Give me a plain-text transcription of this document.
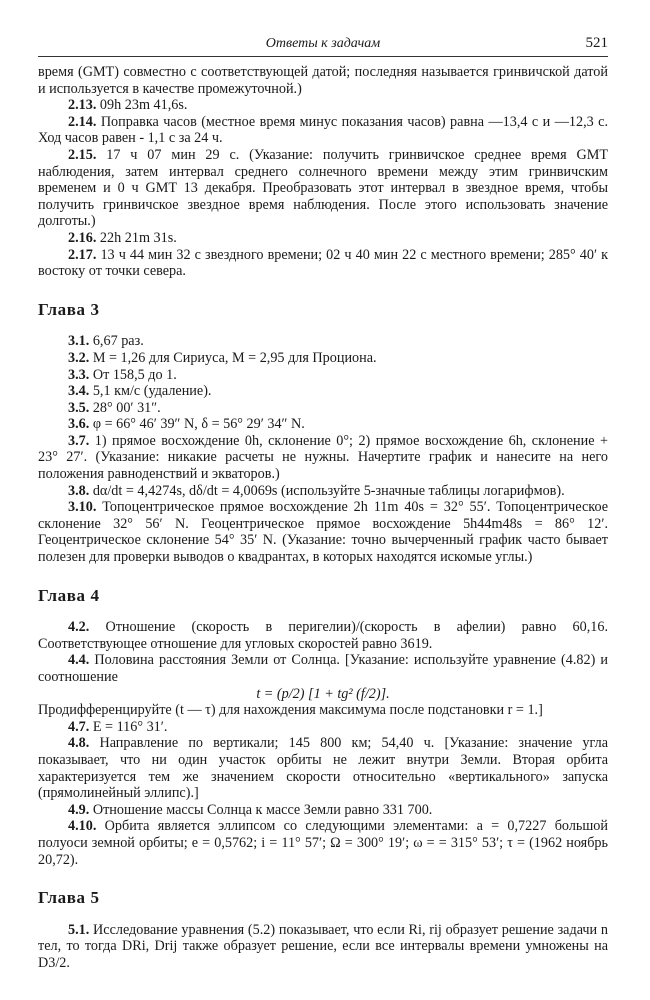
Ответы к задачам	521

время (GMT) совместно с соответствующей датой; последняя называется гринвичской датой и используется в качестве промежуточной.)

2.13. 09h 23m 41,6s.

2.14. Поправка часов (местное время минус показания часов) равна —13,4 с и —12,3 с. Ход часов равен - 1,1 с за 24 ч.

2.15. 17 ч 07 мин 29 с. (Указание: получить гринвичское среднее время GMT наблюдения, затем интервал среднего солнечного времени между этим гринвичским временем и 0 ч GMT 13 декабря. Преобразовать этот интервал в звездное время, чтобы получить гринвичское звездное время наблюдения. После этого использовать значение долготы.)

2.16. 22h 21m 31s.

2.17. 13 ч 44 мин 32 с звездного времени; 02 ч 40 мин 22 с местного времени; 285° 40′ к востоку от точки севера.

Глава 3

3.1. 6,67 раз.

3.2. M = 1,26 для Сириуса, M = 2,95 для Проциона.

3.3. От 158,5 до 1.

3.4. 5,1 км/с (удаление).

3.5. 28° 00′ 31″.

3.6. φ = 66° 46′ 39″ N, δ = 56° 29′ 34″ N.

3.7. 1) прямое восхождение 0h, склонение 0°; 2) прямое восхождение 6h, склонение + 23° 27′. (Указание: никакие расчеты не нужны. Начертите график и нанесите на него положения равноденствий и экваторов.)

3.8. dα/dt = 4,4274s, dδ/dt = 4,0069s (используйте 5-значные таблицы логарифмов).

3.10. Топоцентрическое прямое восхождение 2h 11m 40s = 32° 55′. Топоцентрическое склонение 32° 56′ N. Геоцентрическое прямое восхождение 5h44m48s = 86° 12′. Геоцентрическое склонение 54° 35′ N. (Указание: точно вычерченный график часто бывает полезен для проверки выводов о квадрантах, в которых находятся искомые углы.)

Глава 4

4.2. Отношение (скорость в перигелии)/(скорость в афелии) равно 60,16. Соответствующее отношение для угловых скоростей равно 3619.

4.4. Половина расстояния Земли от Солнца. [Указание: используйте уравнение (4.82) и соотношение

t = (p/2) [1 + tg² (f/2)].

Продифференцируйте (t — τ) для нахождения максимума после подстановки r = 1.]

4.7. E = 116° 31′.

4.8. Направление по вертикали; 145 800 км; 54,40 ч. [Указание: значение угла показывает, что ни один участок орбиты не лежит внутри Земли. Вторая орбита характеризуется тем же значением скорости относительно «вертикального» запуска (прямолинейный эллипс).]

4.9. Отношение массы Солнца к массе Земли равно 331 700.

4.10. Орбита является эллипсом со следующими элементами: a = 0,7227 большой полуоси земной орбиты; e = 0,5762; i = 11° 57′; Ω = 300° 19′; ω = = 315° 53′; τ = (1962 ноябрь 20,72).

Глава 5

5.1. Исследование уравнения (5.2) показывает, что если Ri, rij образует решение задачи n тел, то тогда DRi, Drij также образует решение, если все интервалы времени умножены на D3/2.
